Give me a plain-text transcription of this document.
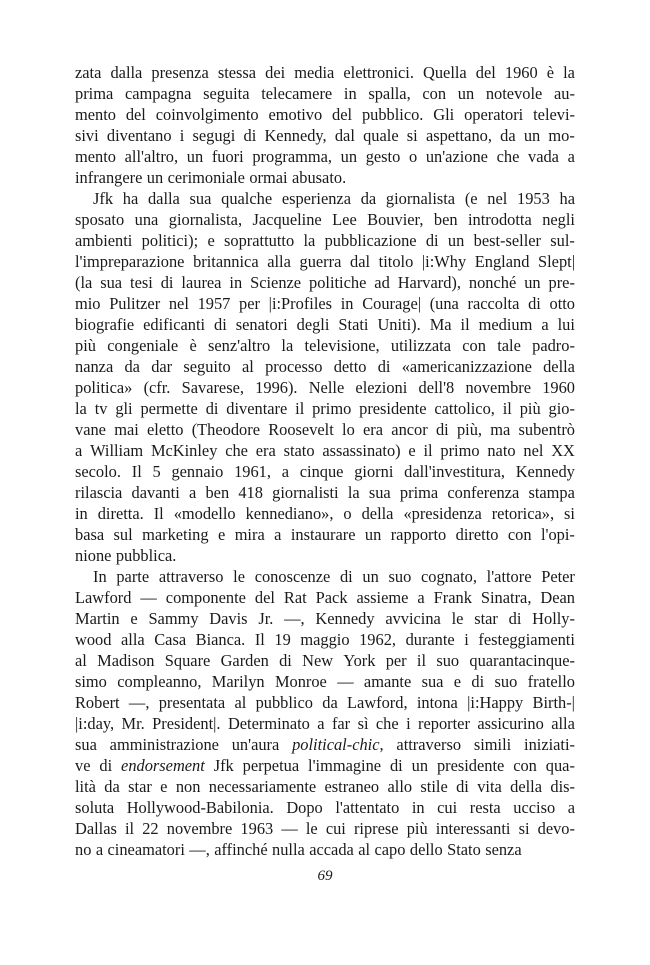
zata dalla presenza stessa dei media elettronici. Quella del 1960 è la
prima campagna seguita telecamere in spalla, con un notevole au-
mento del coinvolgimento emotivo del pubblico. Gli operatori televi-
sivi diventano i segugi di Kennedy, dal quale si aspettano, da un mo-
mento all'altro, un fuori programma, un gesto o un'azione che vada a
infrangere un cerimoniale ormai abusato.
Jfk ha dalla sua qualche esperienza da giornalista (e nel 1953 ha
sposato una giornalista, Jacqueline Lee Bouvier, ben introdotta negli
ambienti politici); e soprattutto la pubblicazione di un best-seller sul-
l'impreparazione britannica alla guerra dal titolo |i:Why England Slept|
(la sua tesi di laurea in Scienze politiche ad Harvard), nonché un pre-
mio Pulitzer nel 1957 per |i:Profiles in Courage| (una raccolta di otto
biografie edificanti di senatori degli Stati Uniti). Ma il medium a lui
più congeniale è senz'altro la televisione, utilizzata con tale padro-
nanza da dar seguito al processo detto di «americanizzazione della
politica» (cfr. Savarese, 1996). Nelle elezioni dell'8 novembre 1960
la tv gli permette di diventare il primo presidente cattolico, il più gio-
vane mai eletto (Theodore Roosevelt lo era ancor di più, ma subentrò
a William McKinley che era stato assassinato) e il primo nato nel XX
secolo. Il 5 gennaio 1961, a cinque giorni dall'investitura, Kennedy
rilascia davanti a ben 418 giornalisti la sua prima conferenza stampa
in diretta. Il «modello kennediano», o della «presidenza retorica», si
basa sul marketing e mira a instaurare un rapporto diretto con l'opi-
nione pubblica.
In parte attraverso le conoscenze di un suo cognato, l'attore Peter
Lawford — componente del Rat Pack assieme a Frank Sinatra, Dean
Martin e Sammy Davis Jr. —, Kennedy avvicina le star di Holly-
wood alla Casa Bianca. Il 19 maggio 1962, durante i festeggiamenti
al Madison Square Garden di New York per il suo quarantacinque-
simo compleanno, Marilyn Monroe — amante sua e di suo fratello
Robert —, presentata al pubblico da Lawford, intona |i:Happy Birth-|
|i:day, Mr. President|. Determinato a far sì che i reporter assicurino alla
sua amministrazione un'aura political-chic, attraverso simili iniziati-
ve di endorsement Jfk perpetua l'immagine di un presidente con qua-
lità da star e non necessariamente estraneo allo stile di vita della dis-
soluta Hollywood-Babilonia. Dopo l'attentato in cui resta ucciso a
Dallas il 22 novembre 1963 — le cui riprese più interessanti si devo-
no a cineamatori —, affinché nulla accada al capo dello Stato senza
69
